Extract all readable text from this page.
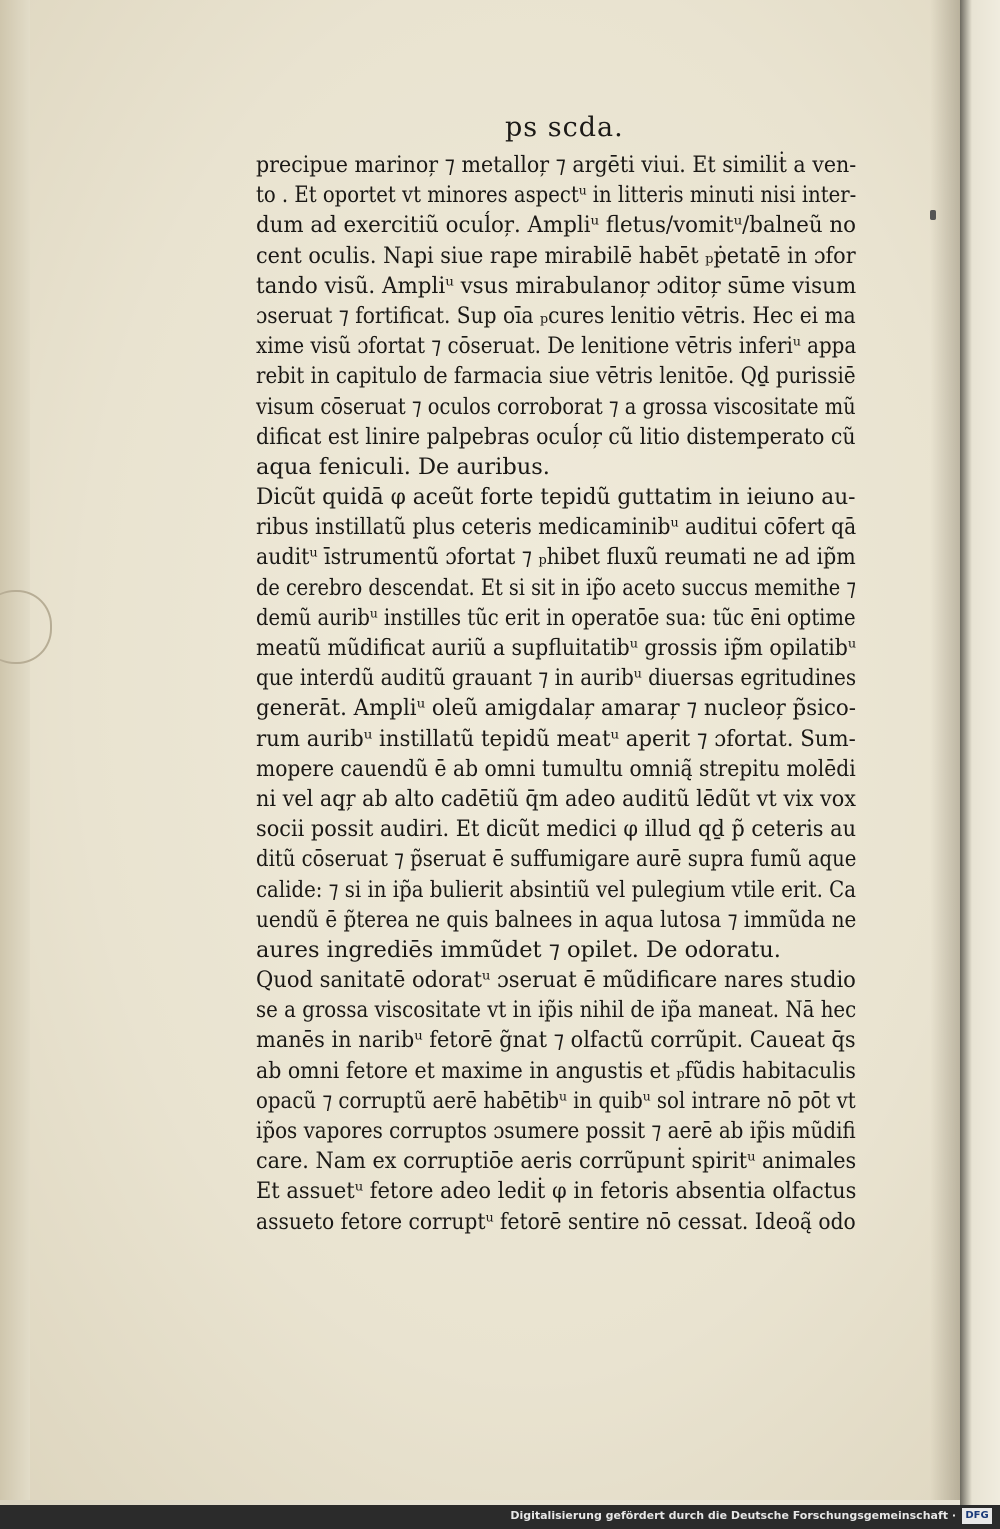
ps scda.
precipue marinoŗ ⁊ metalloŗ ⁊ argēti viui. Et similiṫ a ven‑
to . Et oportet vt minores aspectᵘ in litteris minuti nisi inter‑
dum ad exercitiũ ocuĺoŗ. Ampliᵘ fletus/vomitᵘ/balneũ no
cent oculis. Napi siue rape mirabilē habēt ₚṗetatē in ɔfor
tando visũ. Ampliᵘ vsus mirabulanoŗ ɔditoŗ sūme visum
ɔseruat ⁊ fortificat. Sup oīa ₚcures lenitio vētris. Hec ei ma
xime visũ ɔfortat ⁊ cōseruat. De lenitione vētris inferiᵘ appa
rebit in capitulo de farmacia siue vētris lenitōe. Qḏ purissiē
visum cōseruat ⁊ oculos corroborat ⁊ a grossa viscositate mũ
dificat est linire palpebras ocuĺoŗ cũ litio distemperato cũ
aqua feniculi. De auribus.
Dicũt quidā φ aceũt forte tepidũ guttatim in ieiuno au‑
ribus instillatũ plus ceteris medicaminibᵘ auditui cōfert qā
auditᵘ īstrumentũ ɔfortat ⁊ ₚhibet fluxũ reumati ne ad ip̃m
de cerebro descendat. Et si sit in ip̃o aceto succus memithe ⁊
demũ auribᵘ instilles tũc erit in operatōe sua: tũc ēni optime
meatũ mũdificat auriũ a supfluitatibᵘ grossis ip̃m opilatibᵘ
que interdũ auditũ grauant ⁊ in auribᵘ diuersas egritudines
generāt. Ampliᵘ oleũ amigdalaŗ amaraŗ ⁊ nucleoŗ p̃sico‑
rum auribᵘ instillatũ tepidũ meatᵘ aperit ⁊ ɔfortat. Sum‑
mopere cauendũ ē ab omni tumultu omnią̃ strepitu molēdi
ni vel aq̧ŗ ab alto cadētiũ q̄m adeo auditũ lēdũt vt vix vox
socii possit audiri. Et dicũt medici φ illud qḏ p̃ ceteris au
ditũ cōseruat ⁊ p̃seruat ē suffumigare aurē supra fumũ aque
calide: ⁊ si in ip̃a bulierit absintiũ vel pulegium vtile erit. Ca
uendũ ē p̃terea ne quis balnees in aqua lutosa ⁊ immũda ne
aures ingrediēs immũdet ⁊ opilet. De odoratu.
Quod sanitatē odoratᵘ ɔseruat ē mũdificare nares studio
se a grossa viscositate vt in ip̃is nihil de ip̃a maneat. Nā hec
manēs in naribᵘ fetorē g̃nat ⁊ olfactũ corrũpit. Caueat q̄s
ab omni fetore et maxime in angustis et ₚfũdis habitaculis
opacũ ⁊ corruptũ aerē habētibᵘ in quibᵘ sol intrare nō pōt vt
ip̃os vapores corruptos ɔsumere possit ⁊ aerē ab ip̃is mũdifi
care. Nam ex corruptiōe aeris corrũpunṫ spiritᵘ animales
Et assuetᵘ fetore adeo lediṫ φ in fetoris absentia olfactus
assueto fetore corruptᵘ fetorē sentire nō cessat. Ideoą̃ odo
Digitalisierung gefördert durch die Deutsche Forschungsgemeinschaft · DFG
